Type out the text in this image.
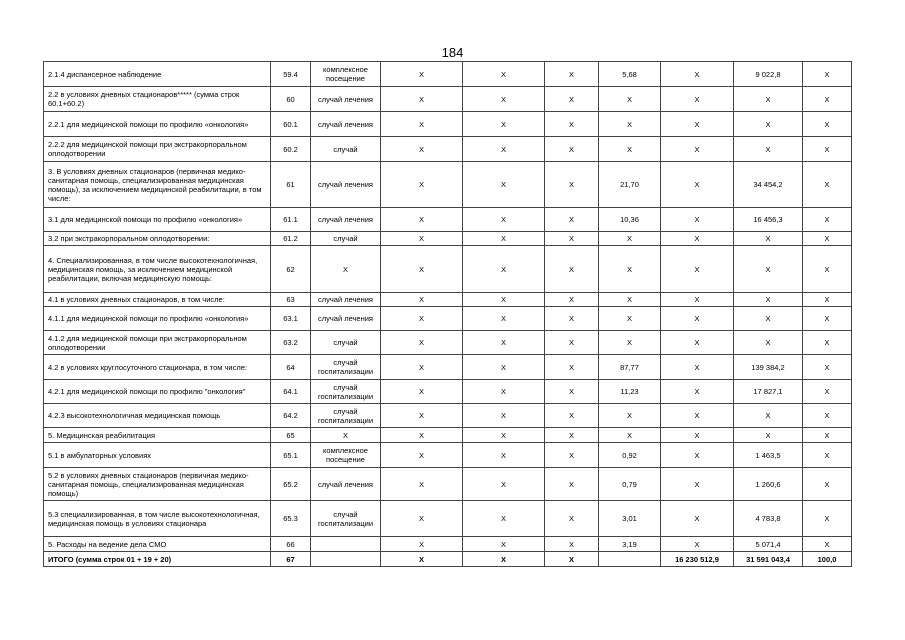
184
2.1.4 диспансерное наблюдение	59.4	комплексное посещение	X	X	X	5,68	X	9 022,8	X
2.2 в условиях дневных стационаров***** (сумма строк 60.1+60.2)	60	случай лечения	X	X	X	X	X	X	X
2.2.1 для медицинской помощи по профилю «онкология»	60.1	случай лечения	X	X	X	X	X	X	X
2.2.2 для медицинской помощи при экстракорпоральном оплодотворении	60.2	случай	X	X	X	X	X	X	X
3. В условиях дневных стационаров (первичная медико-санитарная помощь, специализированная медицинская помощь), за исключением медицинской реабилитации, в том числе:	61	случай лечения	X	X	X	21,70	X	34 454,2	X
3.1 для медицинской помощи по профилю «онкология»	61.1	случай лечения	X	X	X	10,36	X	16 456,3	X
3.2 при экстракорпоральном оплодотворении:	61.2	случай	X	X	X	X	X	X	X
4. Специализированная, в том числе высокотехнологичная, медицинская помощь, за исключением медицинской реабилитации, включая медицинскую помощь:	62	X	X	X	X	X	X	X	X
4.1 в условиях дневных стационаров, в том числе:	63	случай лечения	X	X	X	X	X	X	X
4.1.1 для медицинской помощи по профилю «онкология»	63.1	случай лечения	X	X	X	X	X	X	X
4.1.2 для медицинской помощи при экстракорпоральном оплодотворении	63.2	случай	X	X	X	X	X	X	X
4.2 в условиях круглосуточного стационара, в том числе:	64	случай госпитализации	X	X	X	87,77	X	139 384,2	X
4.2.1 для медицинской помощи по профилю "онкология"	64.1	случай госпитализации	X	X	X	11,23	X	17 827,1	X
4.2.3 высокотехнологичная медицинская помощь	64.2	случай госпитализации	X	X	X	X	X	X	X
5. Медицинская реабилитация	65	X	X	X	X	X	X	X	X
5.1 в амбулаторных условиях	65.1	комплексное посещение	X	X	X	0,92	X	1 463,5	X
5.2 в условиях дневных стационаров (первичная медико-санитарная помощь, специализированная медицинская помощь)	65.2	случай лечения	X	X	X	0,79	X	1 260,6	X
5.3 специализированная, в том числе высокотехнологичная, медицинская помощь в условиях стационара	65.3	случай госпитализации	X	X	X	3,01	X	4 783,8	X
5. Расходы на ведение дела СМО	66		X	X	X	3,19	X	5 071,4	X
ИТОГО (сумма строк 01 + 19 + 20)	67		X	X	X		16 230 512,9	31 591 043,4	100,0
